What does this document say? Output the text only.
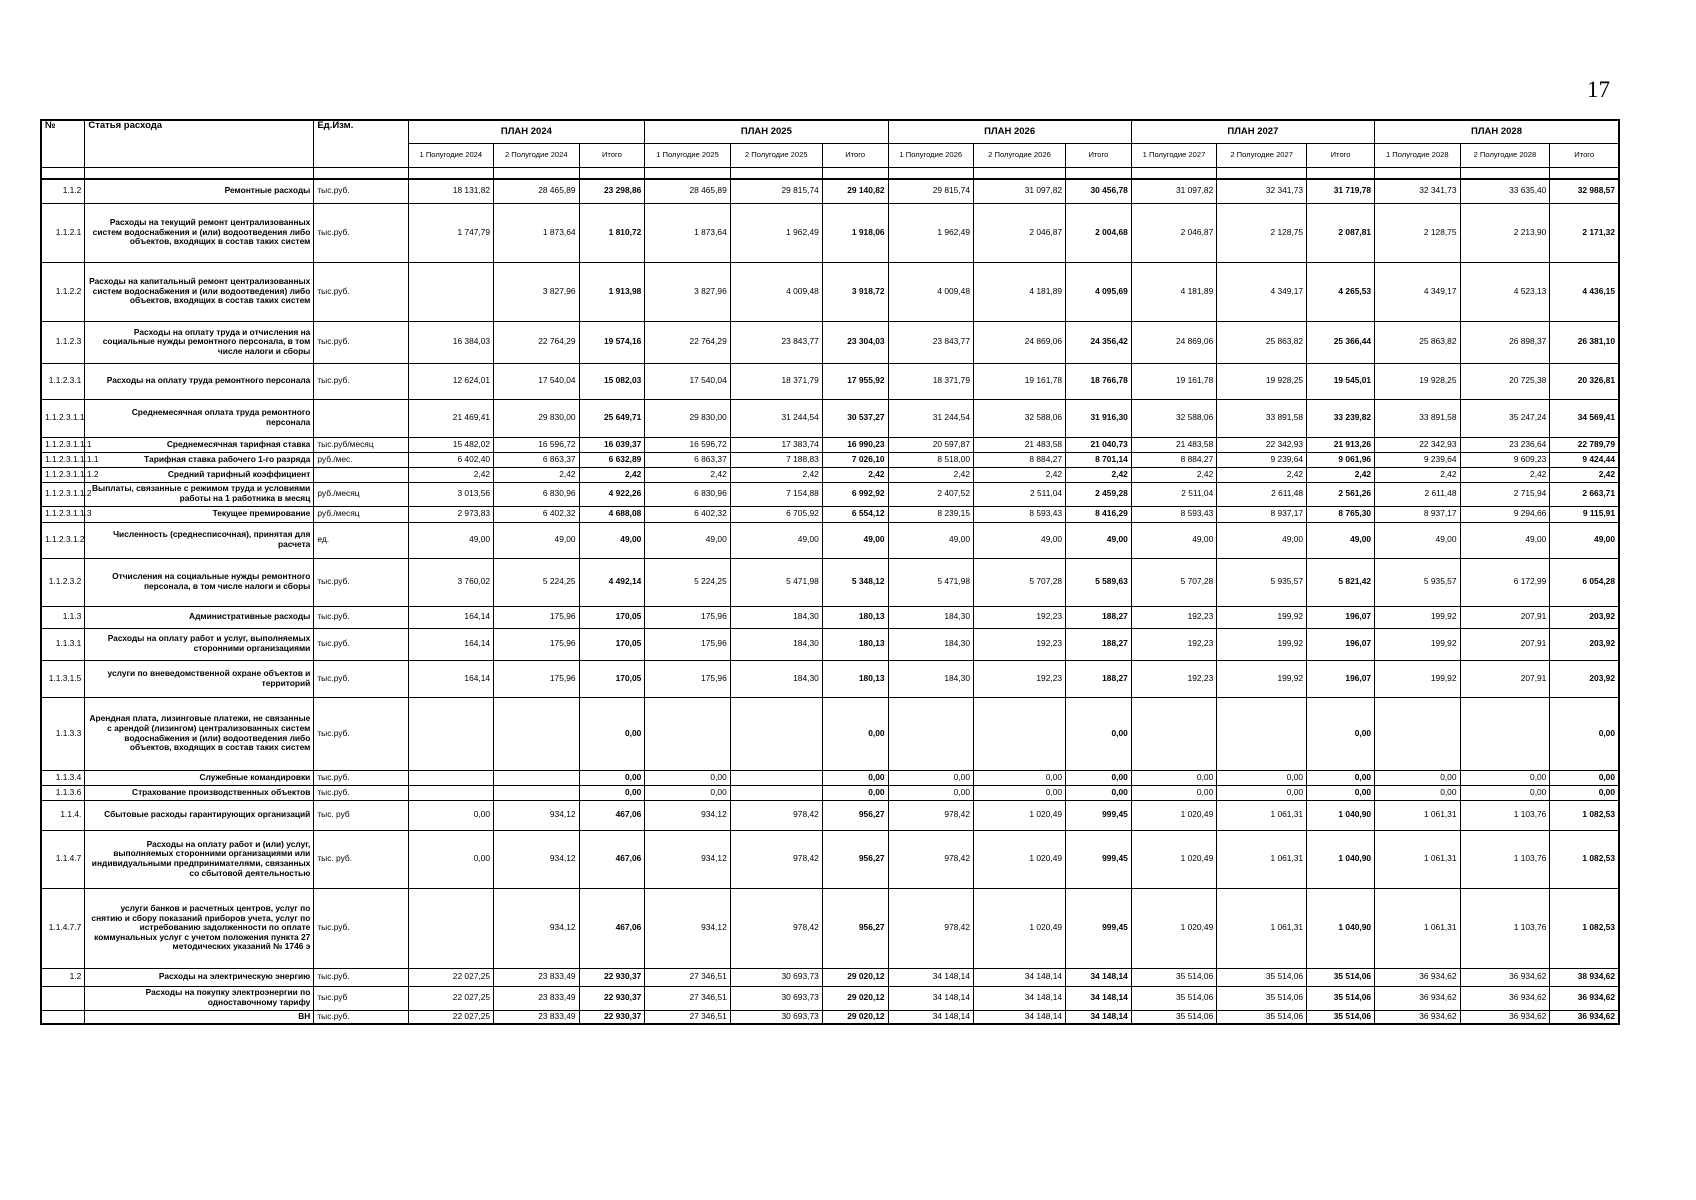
17
№	Статья расхода	Ед.Изм.	ПЛАН 2024			ПЛАН 2025			ПЛАН 2026			ПЛАН 2027			ПЛАН 2028		
			1 Полугодие 2024	2 Полугодие 2024	Итого	1 Полугодие 2025	2 Полугодие 2025	Итого	1 Полугодие 2026	2 Полугодие 2026	Итого	1 Полугодие 2027	2 Полугодие 2027	Итого	1 Полугодие 2028	2 Полугодие 2028	Итого

1.1.2	Ремонтные расходы	тыс.руб.	18 131,82	28 465,89	23 298,86	28 465,89	29 815,74	29 140,82	29 815,74	31 097,82	30 456,78	31 097,82	32 341,73	31 719,78	32 341,73	33 635,40	32 988,57
1.1.2.1	Расходы на текущий ремонт централизованных систем водоснабжения и (или) водоотведения либо объектов, входящих в состав таких систем	тыс.руб.	1 747,79	1 873,64	1 810,72	1 873,64	1 962,49	1 918,06	1 962,49	2 046,87	2 004,68	2 046,87	2 128,75	2 087,81	2 128,75	2 213,90	2 171,32
1.1.2.2	Расходы на капитальный ремонт централизованных систем водоснабжения и (или водоотведения) либо объектов, входящих в состав таких систем	тыс.руб.		3 827,96	1 913,98	3 827,96	4 009,48	3 918,72	4 009,48	4 181,89	4 095,69	4 181,89	4 349,17	4 265,53	4 349,17	4 523,13	4 436,15
1.1.2.3	Расходы на оплату труда и отчисления на социальные нужды ремонтного персонала, в том числе налоги и сборы	тыс.руб.	16 384,03	22 764,29	19 574,16	22 764,29	23 843,77	23 304,03	23 843,77	24 869,06	24 356,42	24 869,06	25 863,82	25 366,44	25 863,82	26 898,37	26 381,10
1.1.2.3.1	Расходы на оплату труда ремонтного персонала	тыс.руб.	12 624,01	17 540,04	15 082,03	17 540,04	18 371,79	17 955,92	18 371,79	19 161,78	18 766,78	19 161,78	19 928,25	19 545,01	19 928,25	20 725,38	20 326,81
1.1.2.3.1.1	Среднемесячная оплата труда ремонтного персонала		21 469,41	29 830,00	25 649,71	29 830,00	31 244,54	30 537,27	31 244,54	32 588,06	31 916,30	32 588,06	33 891,58	33 239,82	33 891,58	35 247,24	34 569,41
1.1.2.3.1.1.1	Среднемесячная тарифная ставка	тыс.руб/месяц	15 482,02	16 596,72	16 039,37	16 596,72	17 383,74	16 990,23	20 597,87	21 483,58	21 040,73	21 483,58	22 342,93	21 913,26	22 342,93	23 236,64	22 789,79
1.1.2.3.1.1.1.1	Тарифная ставка рабочего 1-го разряда	руб./мес.	6 402,40	6 863,37	6 632,89	6 863,37	7 188,83	7 026,10	8 518,00	8 884,27	8 701,14	8 884,27	9 239,64	9 061,96	9 239,64	9 609,23	9 424,44
1.1.2.3.1.1.1.2	Средний тарифный коэффициент		2,42	2,42	2,42	2,42	2,42	2,42	2,42	2,42	2,42	2,42	2,42	2,42	2,42	2,42	2,42
1.1.2.3.1.1.2	Выплаты, связанные с режимом труда и условиями работы на 1 работника в месяц	руб./месяц	3 013,56	6 830,96	4 922,26	6 830,96	7 154,88	6 992,92	2 407,52	2 511,04	2 459,28	2 511,04	2 611,48	2 561,26	2 611,48	2 715,94	2 663,71
1.1.2.3.1.1.3	Текущее премирование	руб./месяц	2 973,83	6 402,32	4 688,08	6 402,32	6 705,92	6 554,12	8 239,15	8 593,43	8 416,29	8 593,43	8 937,17	8 765,30	8 937,17	9 294,66	9 115,91
1.1.2.3.1.2	Численность (среднесписочная), принятая для расчета	ед.	49,00	49,00	49,00	49,00	49,00	49,00	49,00	49,00	49,00	49,00	49,00	49,00	49,00	49,00	49,00
1.1.2.3.2	Отчисления на социальные нужды ремонтного персонала, в том числе налоги и сборы	тыс.руб.	3 760,02	5 224,25	4 492,14	5 224,25	5 471,98	5 348,12	5 471,98	5 707,28	5 589,63	5 707,28	5 935,57	5 821,42	5 935,57	6 172,99	6 054,28
1.1.3	Административные расходы	тыс.руб.	164,14	175,96	170,05	175,96	184,30	180,13	184,30	192,23	188,27	192,23	199,92	196,07	199,92	207,91	203,92
1.1.3.1	Расходы на оплату работ и услуг, выполняемых сторонними организациями	тыс.руб.	164,14	175,96	170,05	175,96	184,30	180,13	184,30	192,23	188,27	192,23	199,92	196,07	199,92	207,91	203,92
1.1.3.1.5	услуги по вневедомственной охране объектов и территорий	тыс.руб.	164,14	175,96	170,05	175,96	184,30	180,13	184,30	192,23	188,27	192,23	199,92	196,07	199,92	207,91	203,92
1.1.3.3	Арендная плата, лизинговые платежи, не связанные с арендой (лизингом) централизованных систем водоснабжения и (или) водоотведения либо объектов, входящих в состав таких систем	тыс.руб.			0,00			0,00			0,00			0,00			0,00
1.1.3.4	Служебные командировки	тыс.руб.			0,00	0,00		0,00	0,00	0,00	0,00	0,00	0,00	0,00	0,00	0,00	0,00
1.1.3.6	Страхование производственных объектов	тыс.руб.			0,00	0,00		0,00	0,00	0,00	0,00	0,00	0,00	0,00	0,00	0,00	0,00
1.1.4.	Сбытовые расходы гарантирующих организаций	тыс. руб	0,00	934,12	467,06	934,12	978,42	956,27	978,42	1 020,49	999,45	1 020,49	1 061,31	1 040,90	1 061,31	1 103,76	1 082,53
1.1.4.7	Расходы на оплату работ и (или) услуг, выполняемых сторонними организациями или индивидуальными предпринимателями, связанных со сбытовой деятельностью	тыс. руб.	0,00	934,12	467,06	934,12	978,42	956,27	978,42	1 020,49	999,45	1 020,49	1 061,31	1 040,90	1 061,31	1 103,76	1 082,53
1.1.4.7.7	услуги банков и расчетных центров, услуг по снятию и сбору показаний приборов учета, услуг по истребованию задолженности по оплате коммунальных услуг с учетом положения пункта 27 методических указаний № 1746 э	тыс.руб.		934,12	467,06	934,12	978,42	956,27	978,42	1 020,49	999,45	1 020,49	1 061,31	1 040,90	1 061,31	1 103,76	1 082,53
1.2	Расходы на электрическую энергию	тыс.руб.	22 027,25	23 833,49	22 930,37	27 346,51	30 693,73	29 020,12	34 148,14	34 148,14	34 148,14	35 514,06	35 514,06	35 514,06	36 934,62	36 934,62	38 934,62
	Расходы на покупку электроэнергии по одноставочному тарифу	тыс.руб	22 027,25	23 833,49	22 930,37	27 346,51	30 693,73	29 020,12	34 148,14	34 148,14	34 148,14	35 514,06	35 514,06	35 514,06	36 934,62	36 934,62	36 934,62
	ВН	тыс.руб.	22 027,25	23 833,49	22 930,37	27 346,51	30 693,73	29 020,12	34 148,14	34 148,14	34 148,14	35 514,06	35 514,06	35 514,06	36 934,62	36 934,62	36 934,62
